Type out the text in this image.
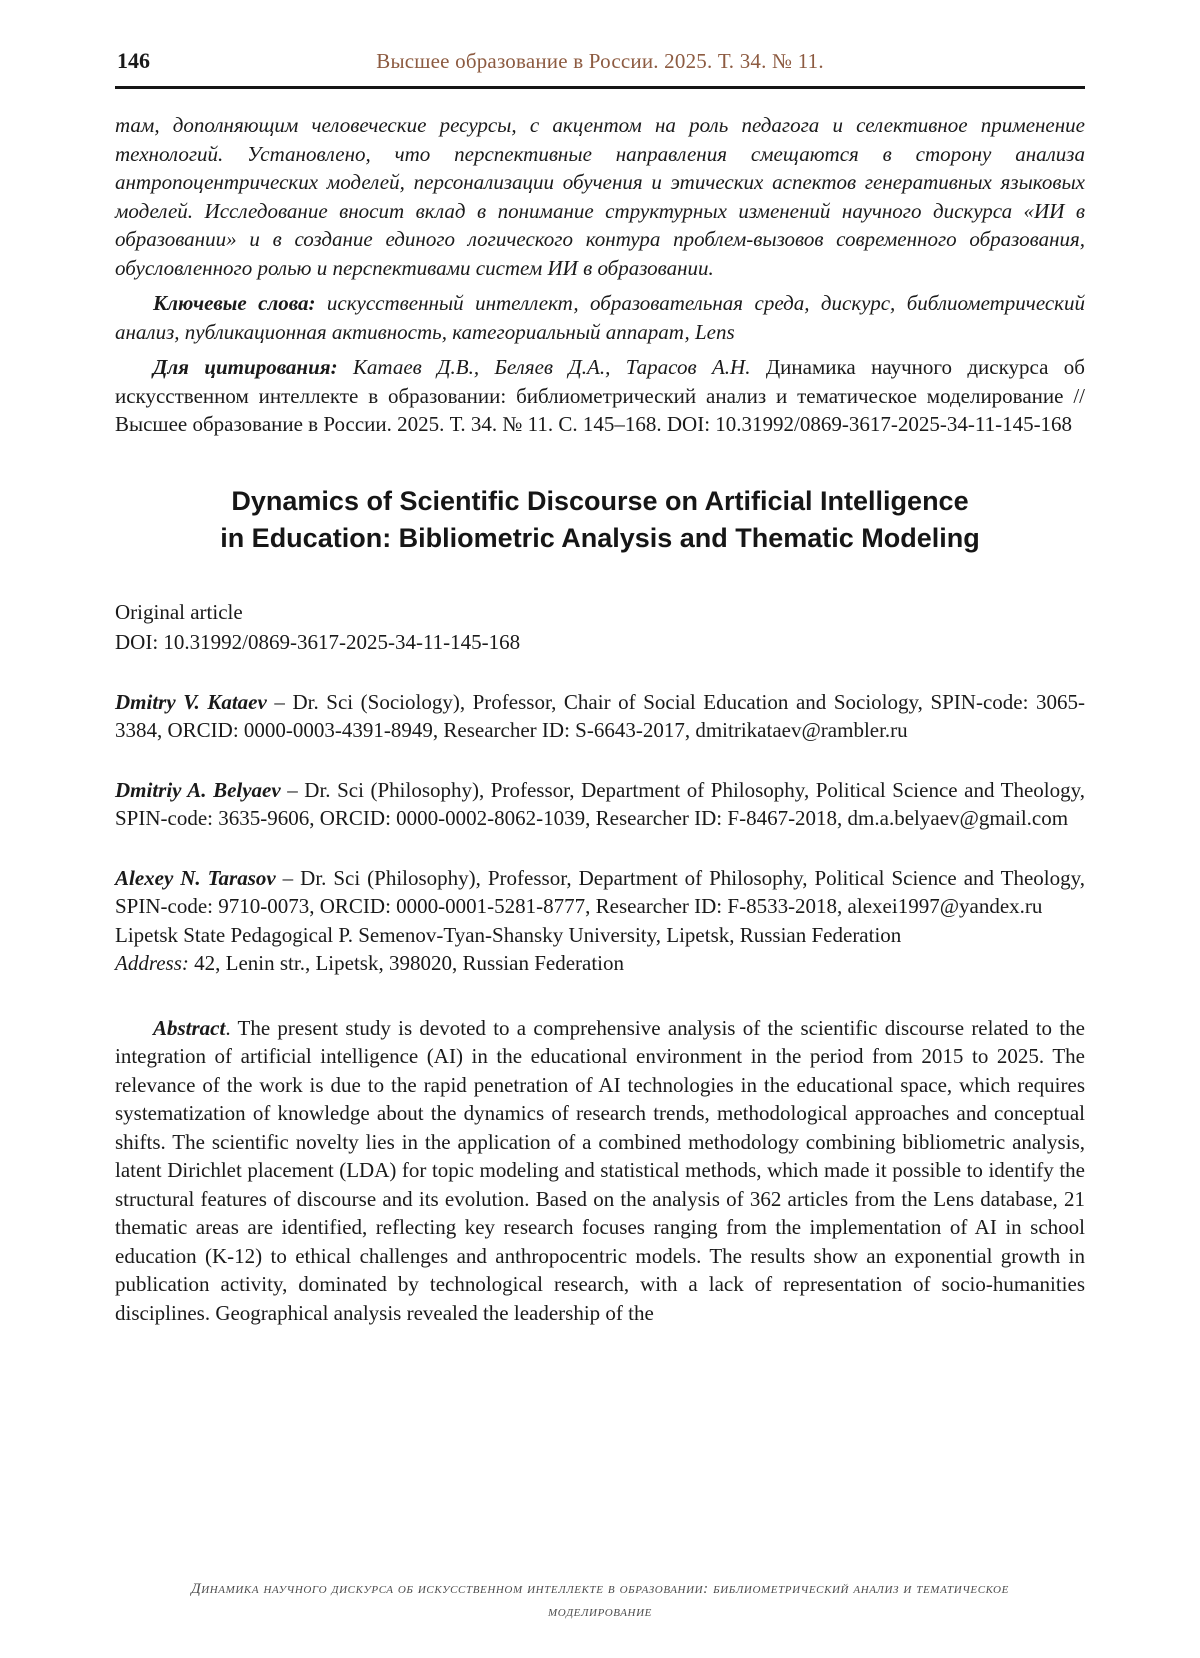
146	Высшее образование в России. 2025. Т. 34. № 11.

там, дополняющим человеческие ресурсы, с акцентом на роль педагога и селективное применение технологий. Установлено, что перспективные направления смещаются в сторону анализа антропоцентрических моделей, персонализации обучения и этических аспектов генеративных языковых моделей. Исследование вносит вклад в понимание структурных изменений научного дискурса «ИИ в образовании» и в создание единого логического контура проблем-вызовов современного образования, обусловленного ролью и перспективами систем ИИ в образовании.

Ключевые слова: искусственный интеллект, образовательная среда, дискурс, библиометрический анализ, публикационная активность, категориальный аппарат, Lens

Для цитирования: Катаев Д.В., Беляев Д.А., Тарасов А.Н. Динамика научного дискурса об искусственном интеллекте в образовании: библиометрический анализ и тематическое моделирование // Высшее образование в России. 2025. Т. 34. № 11. С. 145–168. DOI: 10.31992/0869-3617-2025-34-11-145-168

Dynamics of Scientific Discourse on Artificial Intelligence in Education: Bibliometric Analysis and Thematic Modeling

Original article

DOI: 10.31992/0869-3617-2025-34-11-145-168

Dmitry V. Kataev – Dr. Sci (Sociology), Professor, Chair of Social Education and Sociology, SPIN-code: 3065-3384, ORCID: 0000-0003-4391-8949, Researcher ID: S-6643-2017, dmitrikataev@rambler.ru

Dmitriy A. Belyaev – Dr. Sci (Philosophy), Professor, Department of Philosophy, Political Science and Theology, SPIN-code: 3635-9606, ORCID: 0000-0002-8062-1039, Researcher ID: F-8467-2018, dm.a.belyaev@gmail.com

Alexey N. Tarasov – Dr. Sci (Philosophy), Professor, Department of Philosophy, Political Science and Theology, SPIN-code: 9710-0073, ORCID: 0000-0001-5281-8777, Researcher ID: F-8533-2018, alexei1997@yandex.ru

Lipetsk State Pedagogical P. Semenov-Tyan-Shansky University, Lipetsk, Russian Federation

Address: 42, Lenin str., Lipetsk, 398020, Russian Federation

Abstract. The present study is devoted to a comprehensive analysis of the scientific discourse related to the integration of artificial intelligence (AI) in the educational environment in the period from 2015 to 2025. The relevance of the work is due to the rapid penetration of AI technologies in the educational space, which requires systematization of knowledge about the dynamics of research trends, methodological approaches and conceptual shifts. The scientific novelty lies in the application of a combined methodology combining bibliometric analysis, latent Dirichlet placement (LDA) for topic modeling and statistical methods, which made it possible to identify the structural features of discourse and its evolution. Based on the analysis of 362 articles from the Lens database, 21 thematic areas are identified, reflecting key research focuses ranging from the implementation of AI in school education (K-12) to ethical challenges and anthropocentric models. The results show an exponential growth in publication activity, dominated by technological research, with a lack of representation of socio-humanities disciplines. Geographical analysis revealed the leadership of the

Динамика научного дискурса об искусственном интеллекте в образовании: библиометрический анализ и тематическое моделирование
